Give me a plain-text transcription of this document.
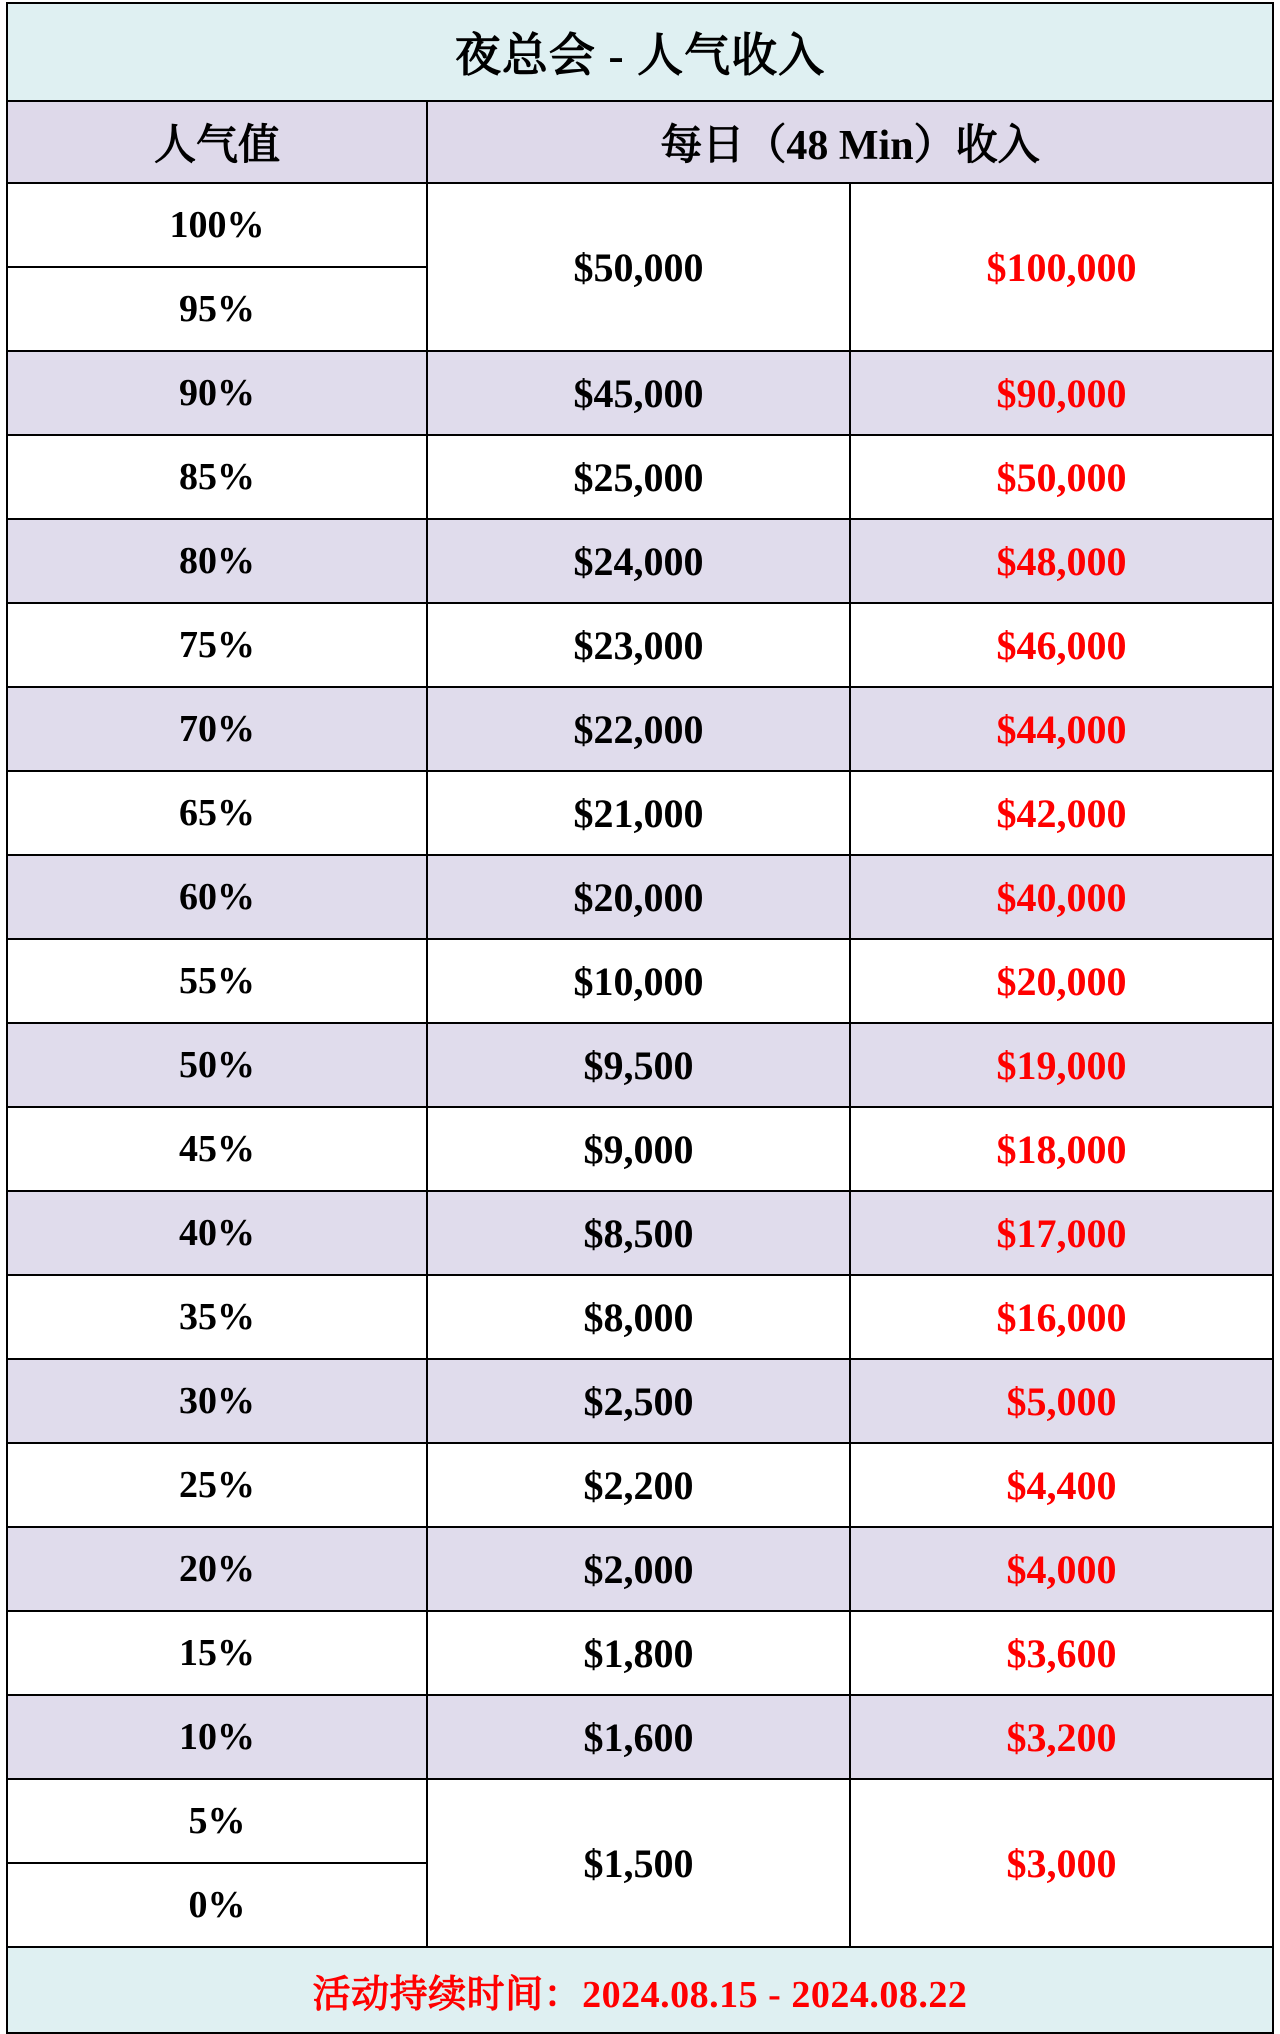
夜总会 - 人气收入		
人气值	每日（48 Min）收入	
100%	$50,000	$100,000
95%		
90%	$45,000	$90,000
85%	$25,000	$50,000
80%	$24,000	$48,000
75%	$23,000	$46,000
70%	$22,000	$44,000
65%	$21,000	$42,000
60%	$20,000	$40,000
55%	$10,000	$20,000
50%	$9,500	$19,000
45%	$9,000	$18,000
40%	$8,500	$17,000
35%	$8,000	$16,000
30%	$2,500	$5,000
25%	$2,200	$4,400
20%	$2,000	$4,000
15%	$1,800	$3,600
10%	$1,600	$3,200
5%	$1,500	$3,000
0%		
活动持续时间：2024.08.15 - 2024.08.22		
